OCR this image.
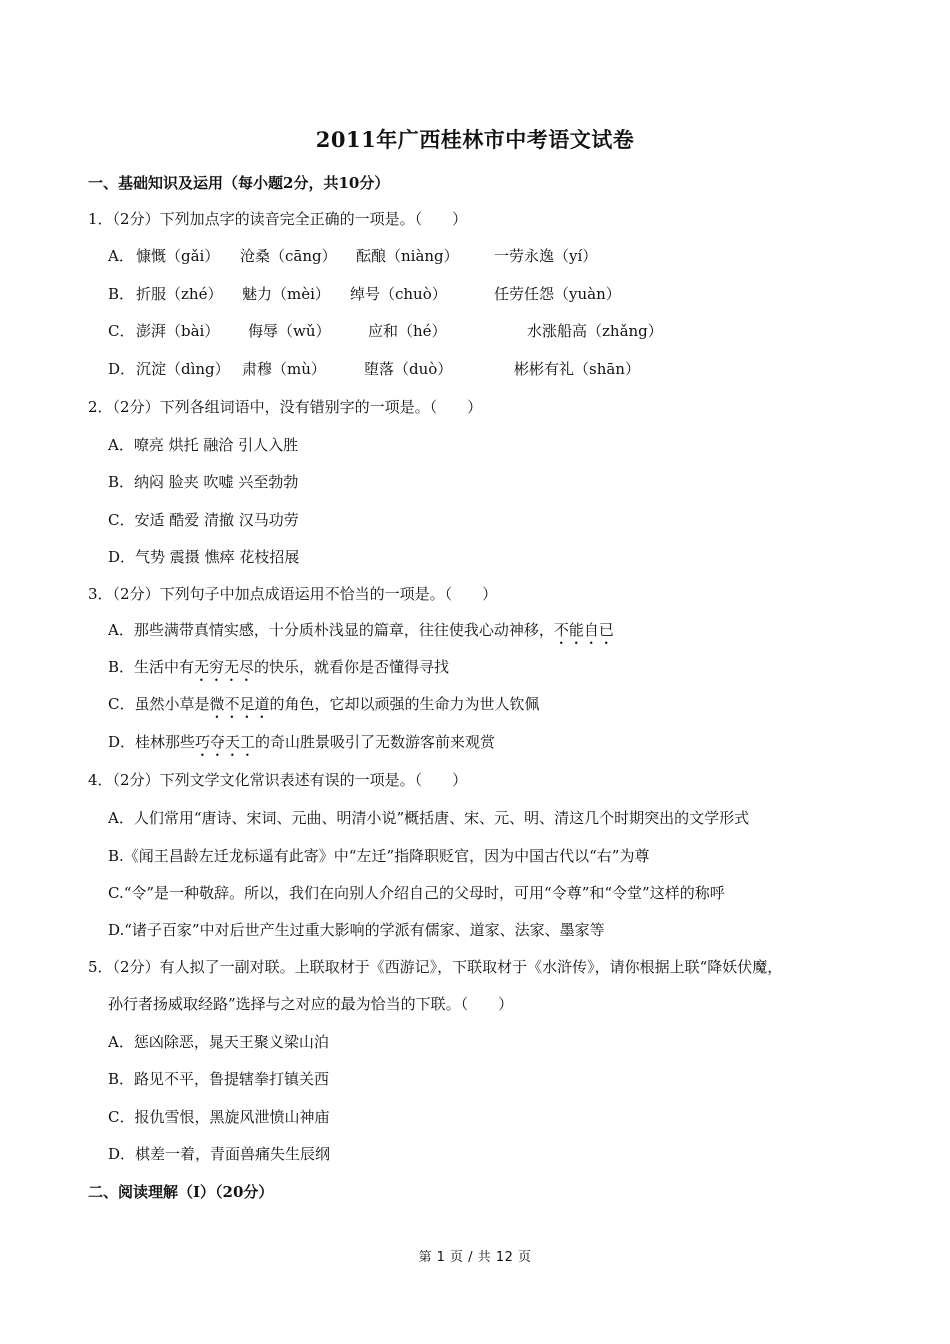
2011年广西桂林市中考语文试卷
一、基础知识及运用（每小题2分，共10分）
1．（2分）下列加点字的读音完全正确的一项是。（　　）
A． 慷慨（gǎi） 沧桑（cāng） 酝酿（niàng） 一劳永逸（yí）
B． 折服（zhé） 魅力（mèi） 绰号（chuò）	任劳任怨（yuàn）
C． 澎湃（bài） 侮辱（wǔ） 应和（hé）	水涨船高（zhǎng）
D． 沉淀（dìng） 肃穆（mù）	堕落（duò）	彬彬有礼（shān）
2．（2分）下列各组词语中，没有错别字的一项是。（　　）
A．嘹亮 烘托 融洽 引人入胜
B．纳闷 脸夹 吹嘘 兴至勃勃
C．安适 酷爱 清撤 汉马功劳
D．气势 震摄 憔瘁 花枝招展
3．（2分）下列句子中加点成语运用不恰当的一项是。（　　）
A．那些满带真情实感，十分质朴浅显的篇章，往往使我心动神移，不能自已
B．生活中有无穷无尽的快乐，就看你是否懂得寻找
C．虽然小草是微不足道的角色，它却以顽强的生命力为世人钦佩
D．桂林那些巧夺天工的奇山胜景吸引了无数游客前来观赏
4．（2分）下列文学文化常识表述有误的一项是。（　　）
A．人们常用“唐诗、宋词、元曲、明清小说”概括唐、宋、元、明、清这几个时期突出的文学形式
B.《闻王昌龄左迁龙标遥有此寄》中“左迁”指降职贬官，因为中国古代以“右”为尊
C.“令”是一种敬辞。所以，我们在向别人介绍自己的父母时，可用“令尊”和“令堂”这样的称呼
D.“诸子百家”中对后世产生过重大影响的学派有儒家、道家、法家、墨家等
5．（2分）有人拟了一副对联。上联取材于《西游记》，下联取材于《水浒传》，请你根据上联“降妖伏魔，
孙行者扬威取经路”选择与之对应的最为恰当的下联。（　　）
A．惩凶除恶，晁天王聚义梁山泊
B．路见不平，鲁提辖拳打镇关西
C．报仇雪恨，黑旋风泄愤山神庙
D．棋差一着，青面兽痛失生辰纲
二、阅读理解（Ⅰ）（20分）
第 1 页 / 共 12 页
